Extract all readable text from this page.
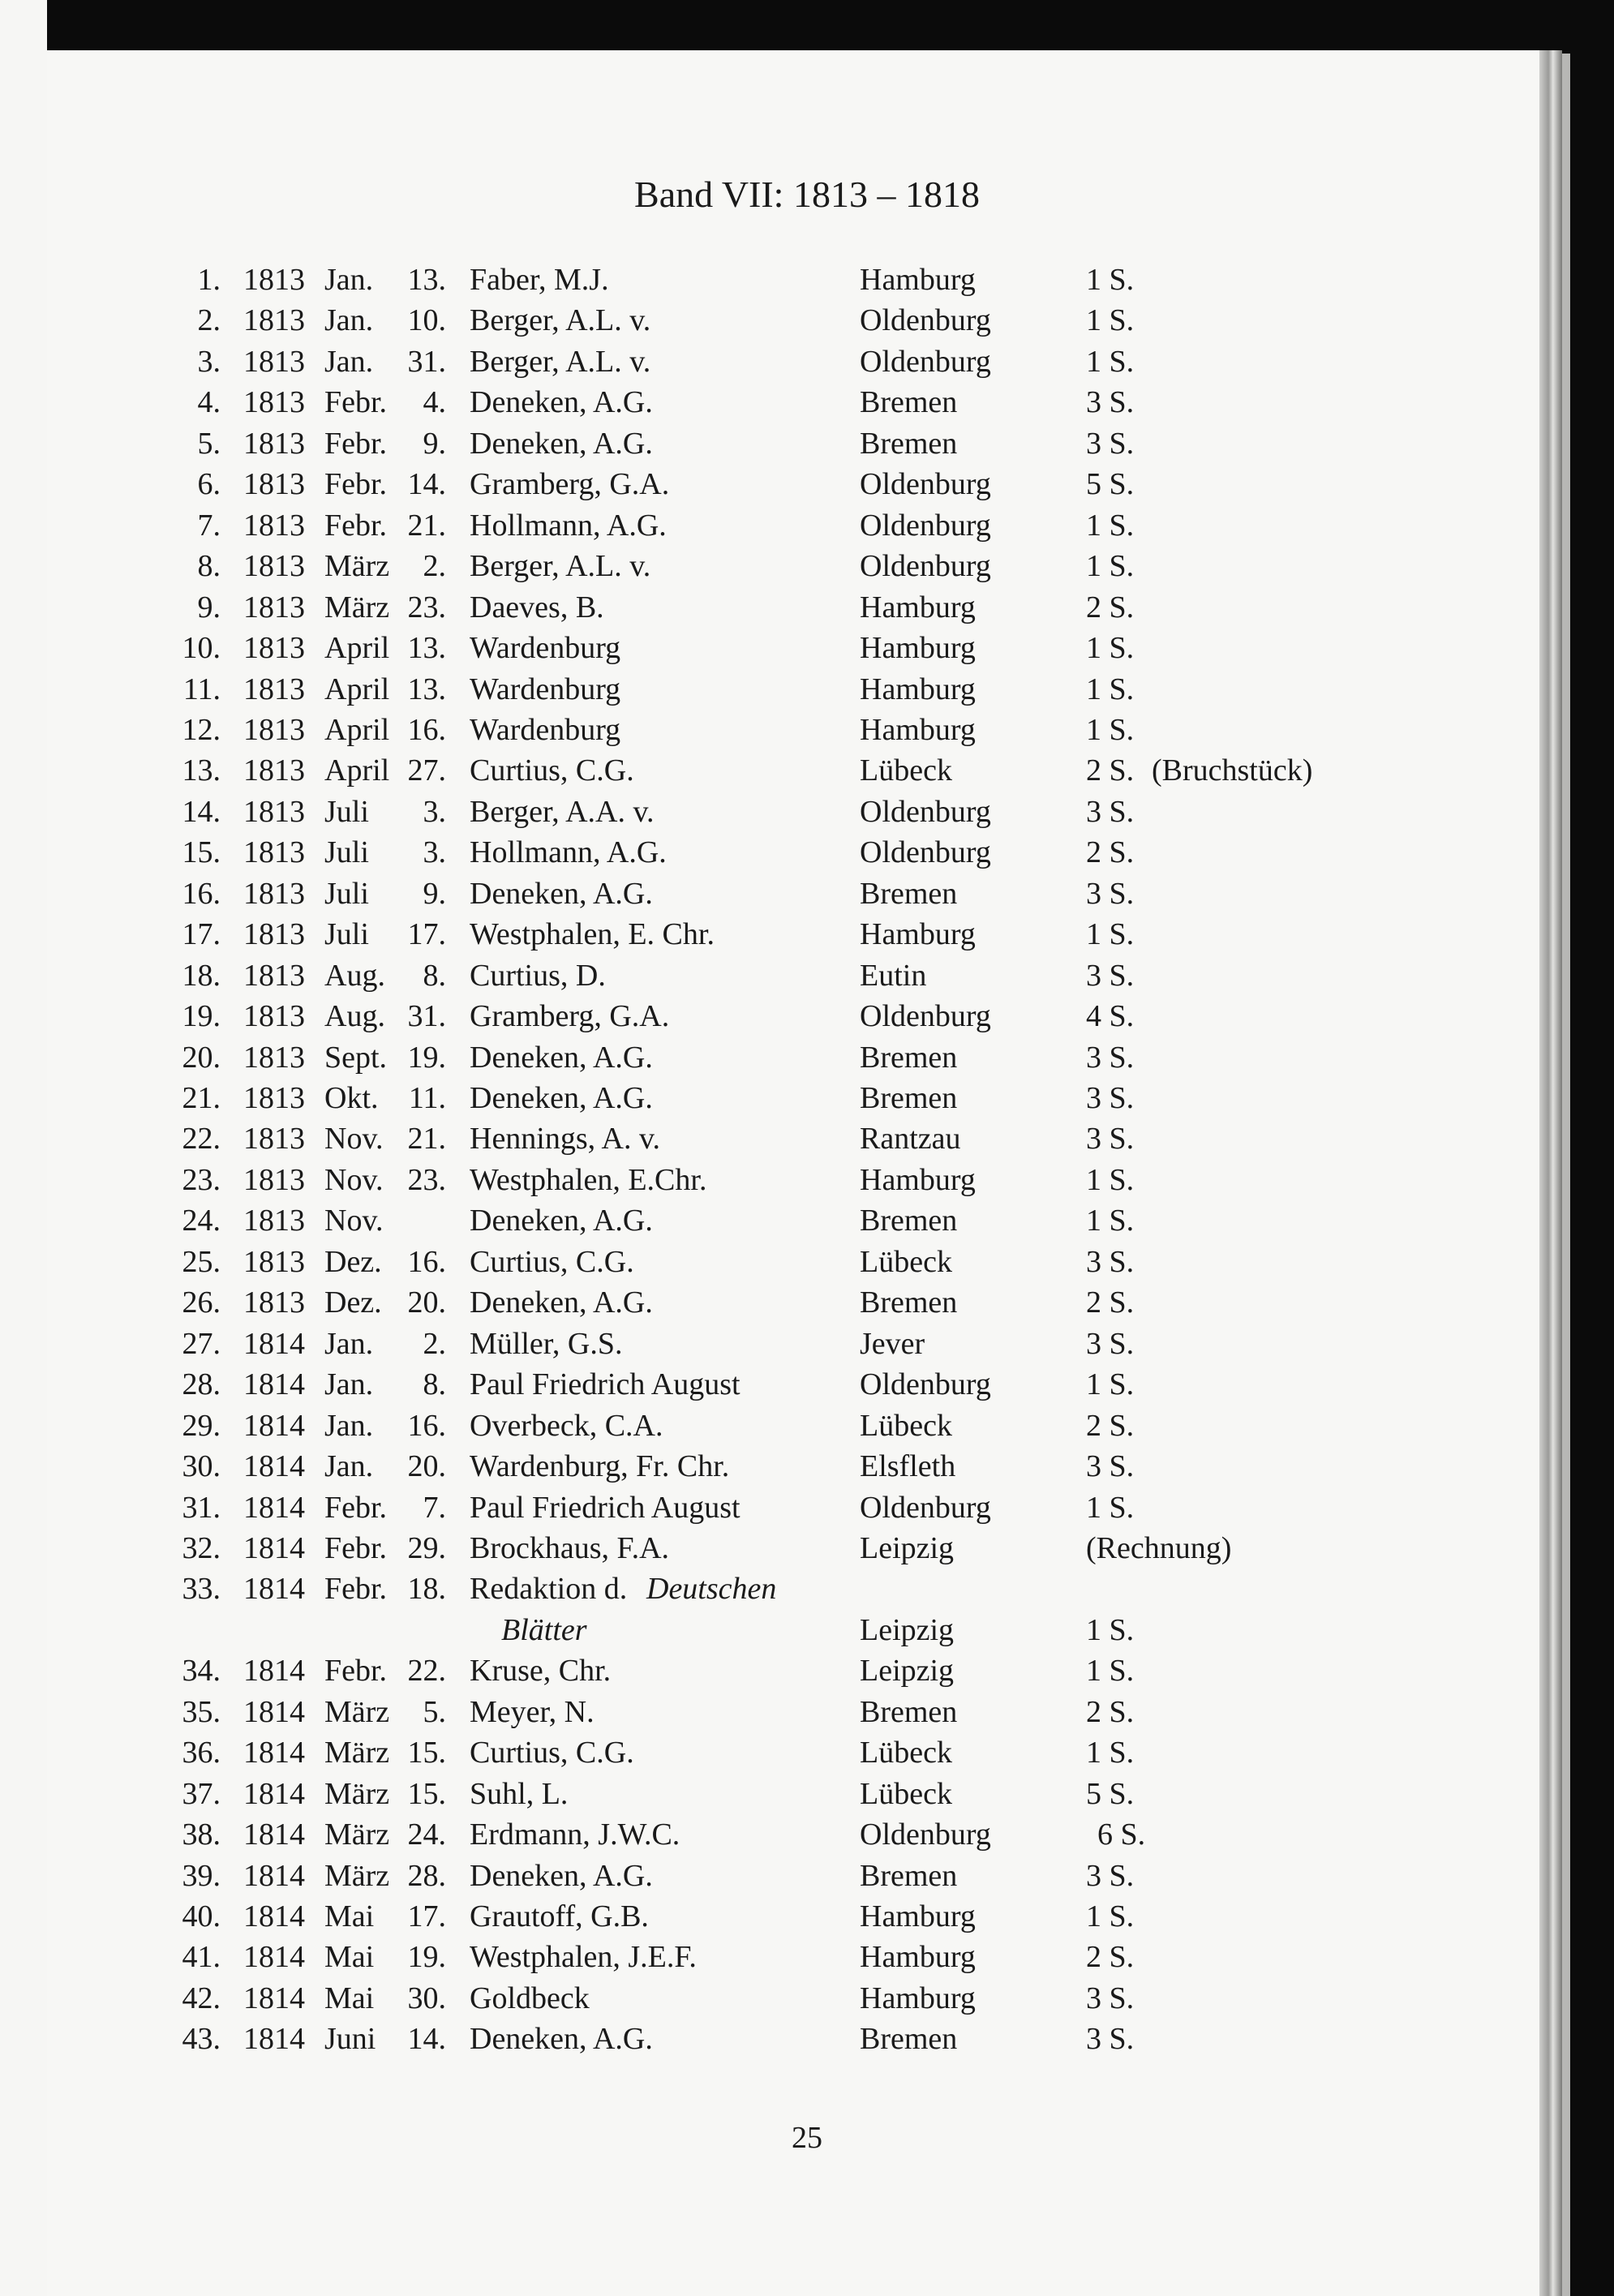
Band VII: 1813 – 1818
1. 1813 Jan. 13. Faber, M.J.	Hamburg	1 S.
2. 1813 Jan. 10. Berger, A.L. v.	Oldenburg	1 S.
3. 1813 Jan. 31. Berger, A.L. v.	Oldenburg	1 S.
4. 1813 Febr. 4. Deneken, A.G.	Bremen	3 S.
5. 1813 Febr. 9. Deneken, A.G.	Bremen	3 S.
6. 1813 Febr. 14. Gramberg, G.A.	Oldenburg	5 S.
7. 1813 Febr. 21. Hollmann, A.G.	Oldenburg	1 S.
8. 1813 März 2. Berger, A.L. v.	Oldenburg	1 S.
9. 1813 März 23. Daeves, B.	Hamburg	2 S.
10. 1813 April 13. Wardenburg	Hamburg	1 S.
11. 1813 April 13. Wardenburg	Hamburg	1 S.
12. 1813 April 16. Wardenburg	Hamburg	1 S.
13. 1813 April 27. Curtius, C.G.	Lübeck	2 S. (Bruchstück)
14. 1813 Juli 3. Berger, A.A. v.	Oldenburg	3 S.
15. 1813 Juli 3. Hollmann, A.G.	Oldenburg	2 S.
16. 1813 Juli 9. Deneken, A.G.	Bremen	3 S.
17. 1813 Juli 17. Westphalen, E. Chr.	Hamburg	1 S.
18. 1813 Aug. 8. Curtius, D.	Eutin	3 S.
19. 1813 Aug. 31. Gramberg, G.A.	Oldenburg	4 S.
20. 1813 Sept. 19. Deneken, A.G.	Bremen	3 S.
21. 1813 Okt. 11. Deneken, A.G.	Bremen	3 S.
22. 1813 Nov. 21. Hennings, A. v.	Rantzau	3 S.
23. 1813 Nov. 23. Westphalen, E.Chr.	Hamburg	1 S.
24. 1813 Nov.	Deneken, A.G.	Bremen	1 S.
25. 1813 Dez. 16. Curtius, C.G.	Lübeck	3 S.
26. 1813 Dez. 20. Deneken, A.G.	Bremen	2 S.
27. 1814 Jan. 2. Müller, G.S.	Jever	3 S.
28. 1814 Jan. 8. Paul Friedrich August	Oldenburg	1 S.
29. 1814 Jan. 16. Overbeck, C.A.	Lübeck	2 S.
30. 1814 Jan. 20. Wardenburg, Fr. Chr.	Elsfleth	3 S.
31. 1814 Febr. 7. Paul Friedrich August	Oldenburg	1 S.
32. 1814 Febr. 29. Brockhaus, F.A.	Leipzig	(Rechnung)
33. 1814 Febr. 18. Redaktion d. Deutschen
Blätter	Leipzig	1 S.
34. 1814 Febr. 22. Kruse, Chr.	Leipzig	1 S.
35. 1814 März 5. Meyer, N.	Bremen	2 S.
36. 1814 März 15. Curtius, C.G.	Lübeck	1 S.
37. 1814 März 15. Suhl, L.	Lübeck	5 S.
38. 1814 März 24. Erdmann, J.W.C.	Oldenburg	6 S.
39. 1814 März 28. Deneken, A.G.	Bremen	3 S.
40. 1814 Mai 17. Grautoff, G.B.	Hamburg	1 S.
41. 1814 Mai 19. Westphalen, J.E.F.	Hamburg	2 S.
42. 1814 Mai 30. Goldbeck	Hamburg	3 S.
43. 1814 Juni 14. Deneken, A.G.	Bremen	3 S.
25
